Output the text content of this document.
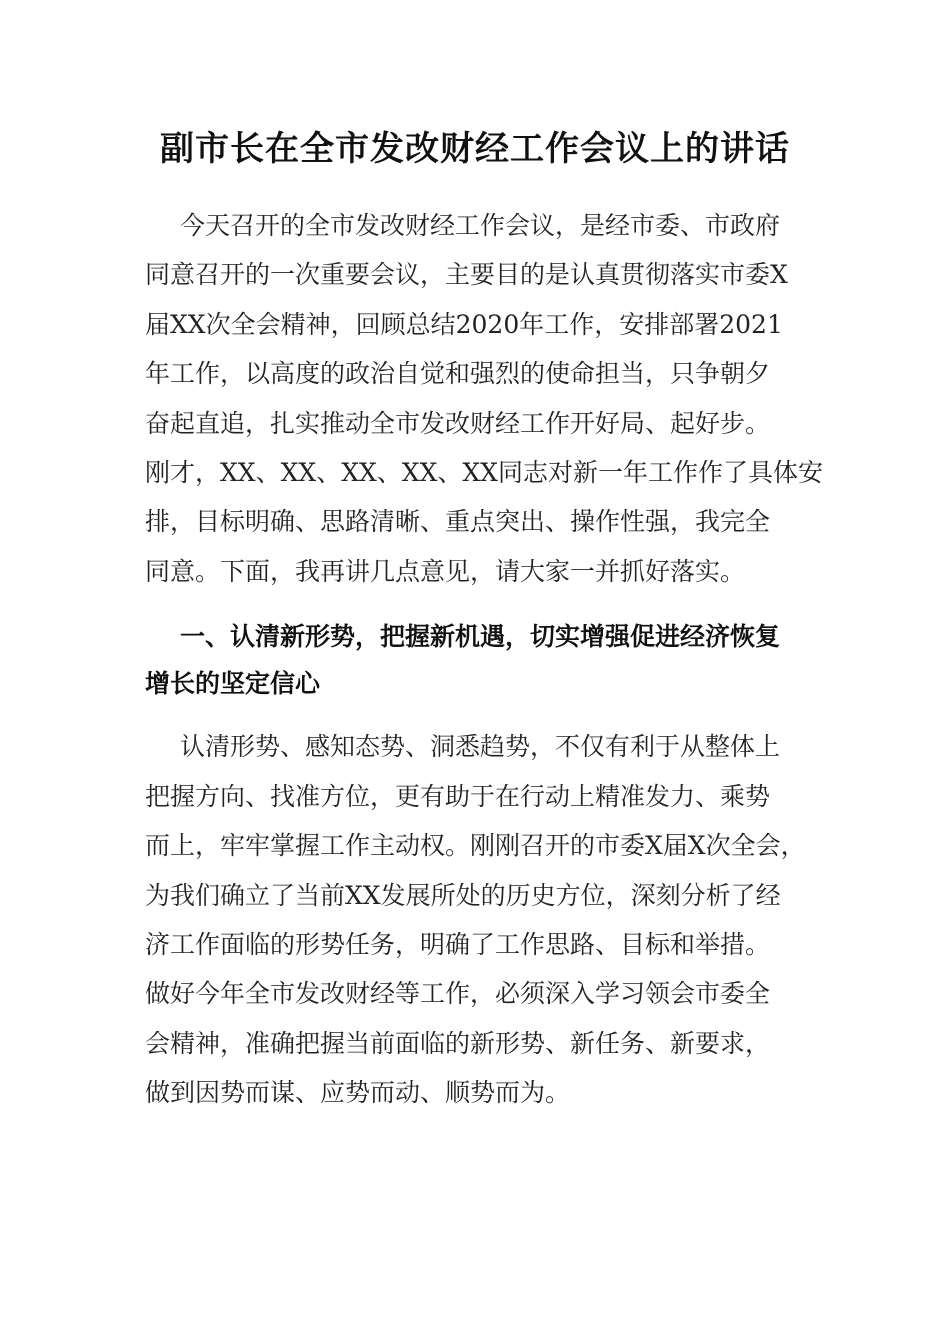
副市长在全市发改财经工作会议上的讲话
今天召开的全市发改财经工作会议，是经市委、市政府
同意召开的一次重要会议，主要目的是认真贯彻落实市委X
届XX次全会精神，回顾总结2020年工作，安排部署2021
年工作，以高度的政治自觉和强烈的使命担当，只争朝夕
奋起直追，扎实推动全市发改财经工作开好局、起好步。
刚才，XX、XX、XX、XX、XX同志对新一年工作作了具体安
排，目标明确、思路清晰、重点突出、操作性强，我完全
同意。下面，我再讲几点意见，请大家一并抓好落实。
一、认清新形势，把握新机遇，切实增强促进经济恢复
增长的坚定信心
认清形势、感知态势、洞悉趋势，不仅有利于从整体上
把握方向、找准方位，更有助于在行动上精准发力、乘势
而上，牢牢掌握工作主动权。刚刚召开的市委X届X次全会，
为我们确立了当前XX发展所处的历史方位，深刻分析了经
济工作面临的形势任务，明确了工作思路、目标和举措。
做好今年全市发改财经等工作，必须深入学习领会市委全
会精神，准确把握当前面临的新形势、新任务、新要求，
做到因势而谋、应势而动、顺势而为。
